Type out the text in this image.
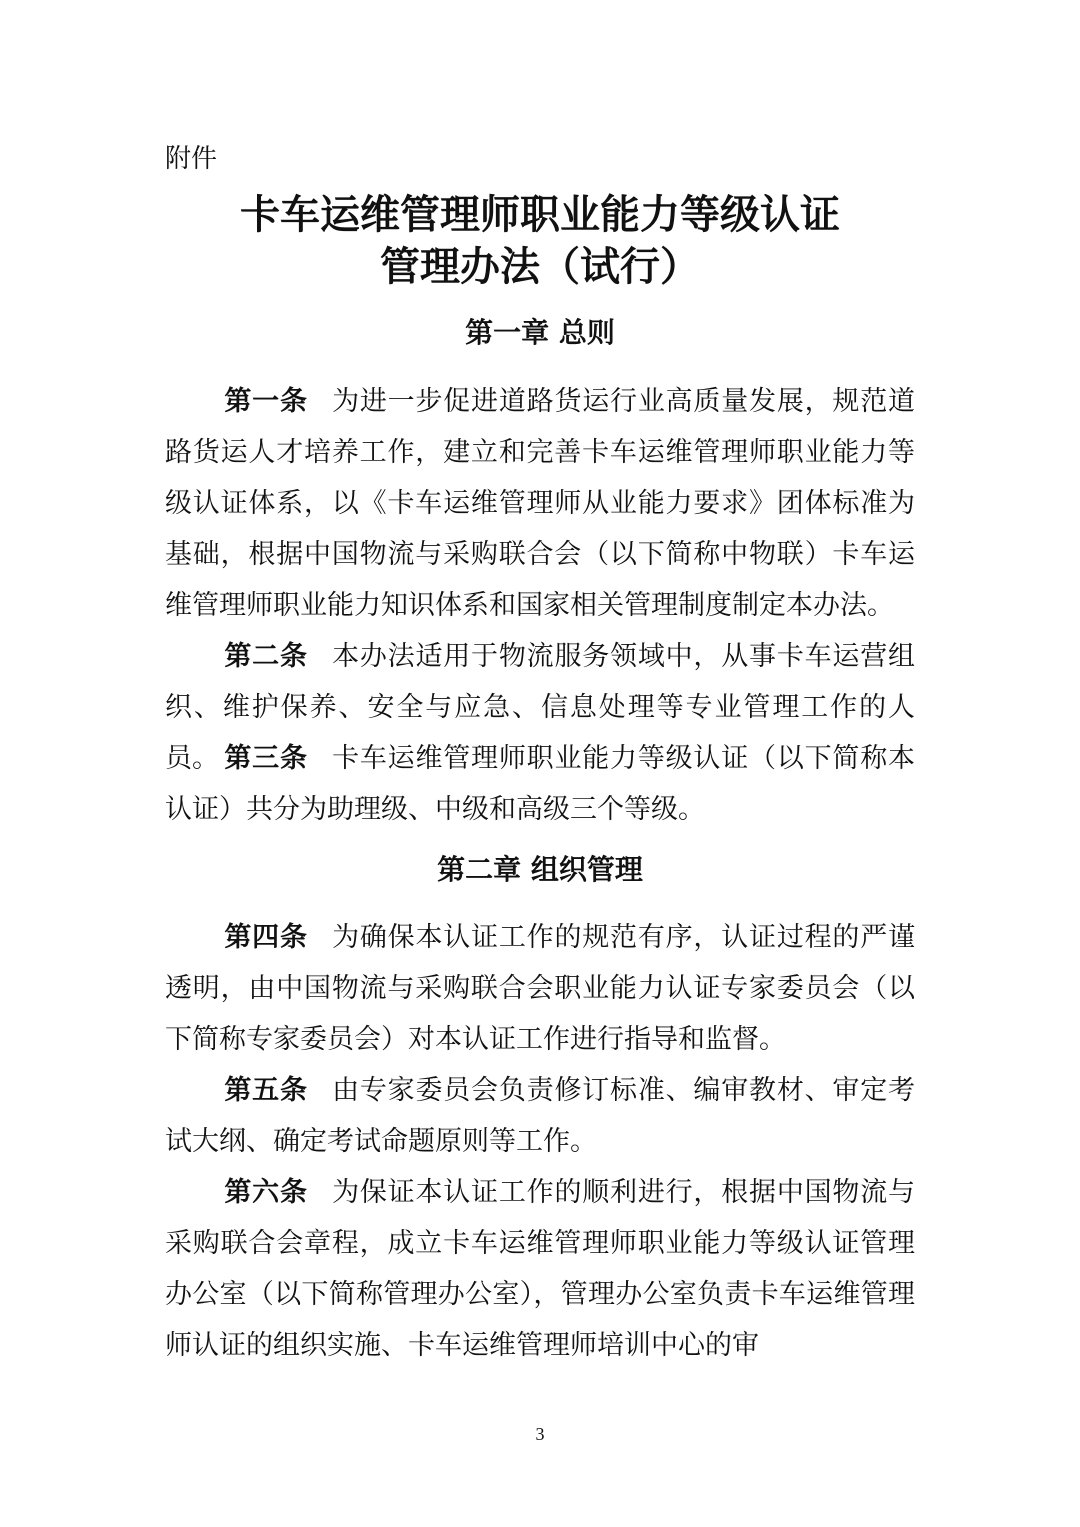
附件
卡车运维管理师职业能力等级认证
管理办法（试行）
第一章 总则

第一条 为进一步促进道路货运行业高质量发展，规范道路货运人才培养工作，建立和完善卡车运维管理师职业能力等级认证体系，以《卡车运维管理师从业能力要求》团体标准为基础，根据中国物流与采购联合会（以下简称中物联）卡车运维管理师职业能力知识体系和国家相关管理制度制定本办法。

第二条 本办法适用于物流服务领域中，从事卡车运营组织、维护保养、安全与应急、信息处理等专业管理工作的人员。 第三条 卡车运维管理师职业能力等级认证（以下简称本认证）共分为助理级、中级和高级三个等级。

第二章 组织管理

第四条 为确保本认证工作的规范有序，认证过程的严谨透明，由中国物流与采购联合会职业能力认证专家委员会（以下简称专家委员会）对本认证工作进行指导和监督。

第五条 由专家委员会负责修订标准、编审教材、审定考试大纲、确定考试命题原则等工作。

第六条 为保证本认证工作的顺利进行，根据中国物流与采购联合会章程，成立卡车运维管理师职业能力等级认证管理办公室（以下简称管理办公室），管理办公室负责卡车运维管理师认证的组织实施、卡车运维管理师培训中心的审

3
